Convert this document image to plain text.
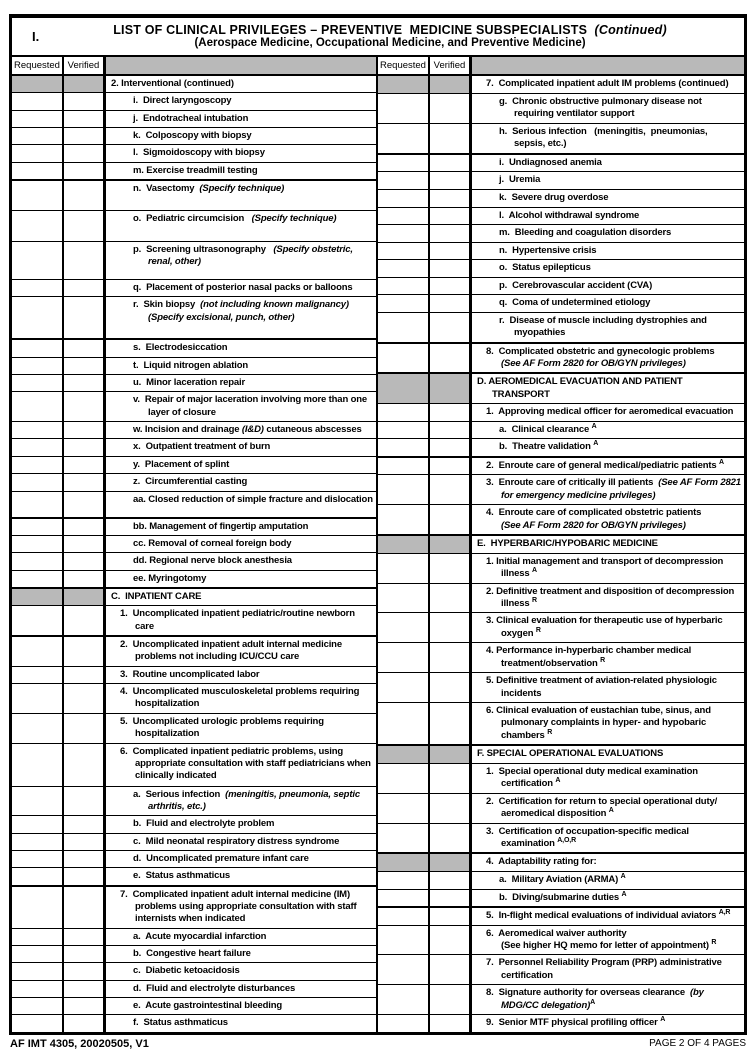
I.	LIST OF CLINICAL PRIVILEGES – PREVENTIVE  MEDICINE SUBSPECIALISTS  (Continued)
(Aerospace Medicine, Occupational Medicine, and Preventive Medicine)
Requested Verified
2. Interventional (continued)
i.  Direct laryngoscopy
j.  Endotracheal intubation
k.  Colposcopy with biopsy
l.  Sigmoidoscopy with biopsy
m. Exercise treadmill testing
n.  Vasectomy  (Specify technique)
o.  Pediatric circumcision   (Specify technique)
p.  Screening ultrasonography   (Specify obstetric, renal, other)
q.  Placement of posterior nasal packs or balloons
r.  Skin biopsy  (not including known malignancy)
(Specify excisional, punch, other)
s.  Electrodesiccation
t.  Liquid nitrogen ablation
u.  Minor laceration repair
v.  Repair of major laceration involving more than one layer of closure
w. Incision and drainage (I&D) cutaneous abscesses
x.  Outpatient treatment of burn
y.  Placement of splint
z.  Circumferential casting
aa. Closed reduction of simple fracture and dislocation
bb. Management of fingertip amputation
cc. Removal of corneal foreign body
dd. Regional nerve block anesthesia
ee. Myringotomy
C.  INPATIENT CARE
1.  Uncomplicated inpatient pediatric/routine newborn care
2.  Uncomplicated inpatient adult internal medicine problems not including ICU/CCU care
3.  Routine uncomplicated labor
4.  Uncomplicated musculoskeletal problems requiring hospitalization
5.  Uncomplicated urologic problems requiring hospitalization
6.  Complicated inpatient pediatric problems, using appropriate consultation with staff pediatricians when clinically indicated
a.  Serious infection  (meningitis, pneumonia, septic arthritis, etc.)
b.  Fluid and electrolyte problem
c.  Mild neonatal respiratory distress syndrome
d.  Uncomplicated premature infant care
e.  Status asthmaticus
7.  Complicated inpatient adult internal medicine (IM) problems using appropriate consultation with staff internists when indicated
a.  Acute myocardial infarction
b.  Congestive heart failure
c.  Diabetic ketoacidosis
d.  Fluid and electrolyte disturbances
e.  Acute gastrointestinal bleeding
f.  Status asthmaticus
Requested Verified
7.  Complicated inpatient adult IM problems (continued)
g.  Chronic obstructive pulmonary disease not requiring ventilator support
h.  Serious infection   (meningitis,  pneumonias,  sepsis, etc.)
i.  Undiagnosed anemia
j.  Uremia
k.  Severe drug overdose
l.  Alcohol withdrawal syndrome
m.  Bleeding and coagulation disorders
n.  Hypertensive crisis
o.  Status epilepticus
p.  Cerebrovascular accident (CVA)
q.  Coma of undetermined etiology
r.  Disease of muscle including dystrophies and myopathies
8.  Complicated obstetric and gynecologic problems
(See AF Form 2820 for OB/GYN privileges)
D. AEROMEDICAL EVACUATION AND PATIENT TRANSPORT
1.  Approving medical officer for aeromedical evacuation
a.  Clinical clearance $^A$
b.  Theatre validation $^A$
2.  Enroute care of general medical/pediatric patients $^A$
3.  Enroute care of critically ill patients  (See AF Form 2821 for emergency medicine privileges)
4.  Enroute care of complicated obstetric patients
(See AF Form 2820 for OB/GYN privileges)
E.  HYPERBARIC/HYPOBARIC MEDICINE
1. Initial management and transport of decompression illness $^A$
2. Definitive treatment and disposition of decompression illness $^R$
3. Clinical evaluation for therapeutic use of hyperbaric oxygen $^R$
4. Performance in-hyperbaric chamber medical treatment/observation $^R$
5. Definitive treatment of aviation-related physiologic incidents
6. Clinical evaluation of eustachian tube, sinus, and pulmonary complaints in hyper- and hypobaric chambers $^R$
F. SPECIAL OPERATIONAL EVALUATIONS
1.  Special operational duty medical examination certification $^A$
2.  Certification for return to special operational duty/ aeromedical disposition $^A$
3.  Certification of occupation-specific medical examination $^{A,O,R}$
4.  Adaptability rating for:
a.  Military Aviation (ARMA) $^A$
b.  Diving/submarine duties $^A$
5.  In-flight medical evaluations of individual aviators $^{A,R}$
6.  Aeromedical waiver authority
(See higher HQ memo for letter of appointment) $^R$
7.  Personnel Reliability Program (PRP) administrative certification
8.  Signature authority for overseas clearance  (by MDG/CC delegation)$^A$
9.  Senior MTF physical profiling officer $^A$
AF IMT 4305, 20020505, V1	PAGE 2 OF 4 PAGES
